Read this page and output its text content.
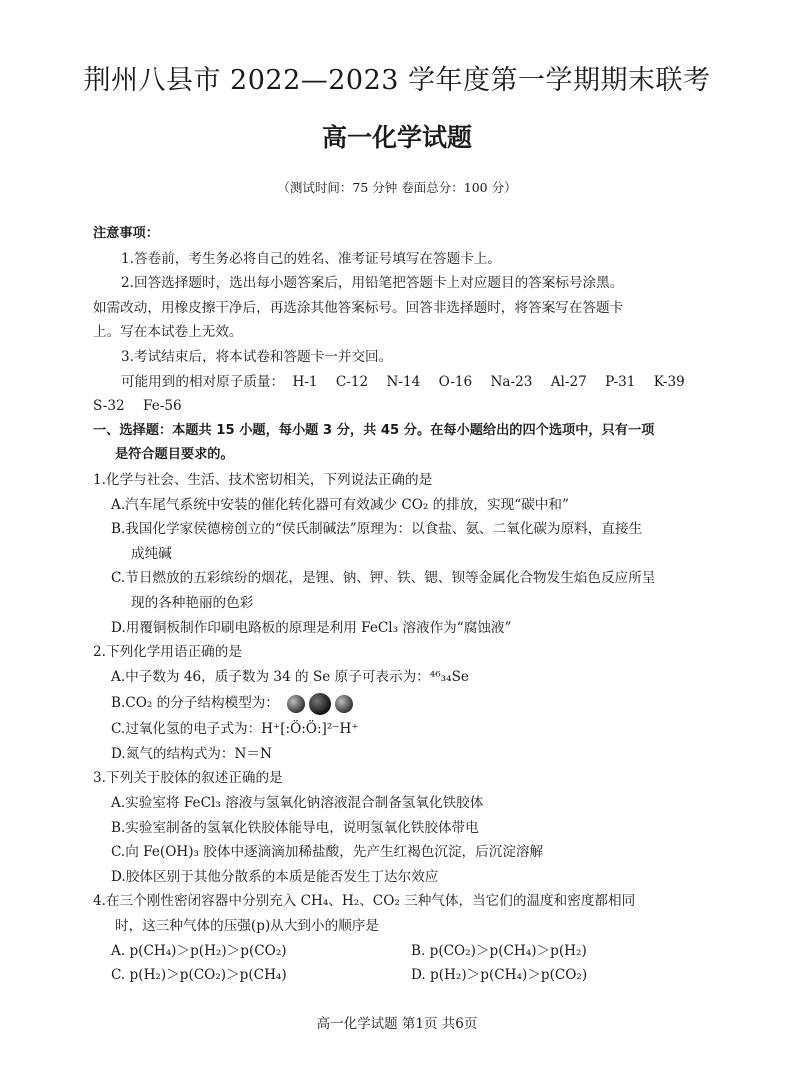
荆州八县市 2022—2023 学年度第一学期期末联考
高一化学试题
（测试时间：75 分钟 卷面总分：100 分）
注意事项：
1.答卷前，考生务必将自己的姓名、准考证号填写在答题卡上。
2.回答选择题时，选出每小题答案后，用铅笔把答题卡上对应题目的答案标号涂黑。
如需改动，用橡皮擦干净后，再选涂其他答案标号。回答非选择题时，将答案写在答题卡
上。写在本试卷上无效。
3.考试结束后，将本试卷和答题卡一并交回。
可能用到的相对原子质量： H-1 C-12 N-14 O-16 Na-23 Al-27 P-31 K-39
S-32 Fe-56
一、选择题：本题共 15 小题，每小题 3 分，共 45 分。在每小题给出的四个选项中，只有一项
是符合题目要求的。
1.化学与社会、生活、技术密切相关，下列说法正确的是
A.汽车尾气系统中安装的催化转化器可有效减少 CO₂ 的排放，实现“碳中和”
B.我国化学家侯德榜创立的“侯氏制碱法”原理为：以食盐、氨、二氧化碳为原料，直接生
成纯碱
C.节日燃放的五彩缤纷的烟花，是锂、钠、钾、铁、锶、钡等金属化合物发生焰色反应所呈
现的各种艳丽的色彩
D.用覆铜板制作印刷电路板的原理是利用 FeCl₃ 溶液作为“腐蚀液”
2.下列化学用语正确的是
A.中子数为 46，质子数为 34 的 Se 原子可表示为：⁴⁶₃₄Se
B.CO₂ 的分子结构模型为：
C.过氧化氢的电子式为：H⁺[:Ö:Ö:]²⁻H⁺
D.氮气的结构式为：N＝N
3.下列关于胶体的叙述正确的是
A.实验室将 FeCl₃ 溶液与氢氧化钠溶液混合制备氢氧化铁胶体
B.实验室制备的氢氧化铁胶体能导电，说明氢氧化铁胶体带电
C.向 Fe(OH)₃ 胶体中逐滴滴加稀盐酸，先产生红褐色沉淀，后沉淀溶解
D.胶体区别于其他分散系的本质是能否发生丁达尔效应
4.在三个刚性密闭容器中分别充入 CH₄、H₂、CO₂ 三种气体，当它们的温度和密度都相同
时，这三种气体的压强(p)从大到小的顺序是
A. p(CH₄)＞p(H₂)＞p(CO₂)	B. p(CO₂)＞p(CH₄)＞p(H₂)
C. p(H₂)＞p(CO₂)＞p(CH₄)	D. p(H₂)＞p(CH₄)＞p(CO₂)
高一化学试题 第1页 共6页
